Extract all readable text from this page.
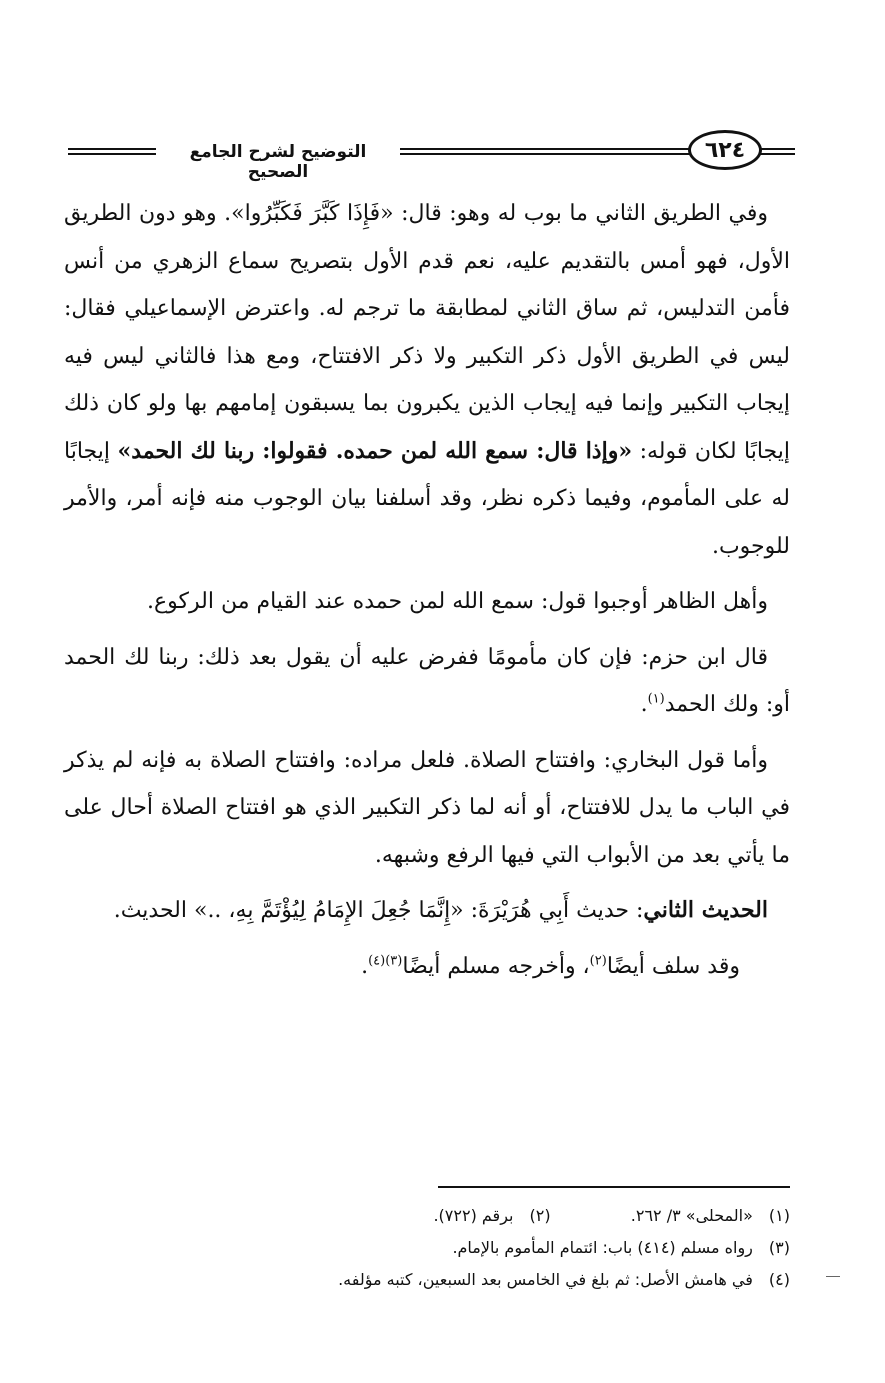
التوضيح لشرح الجامع الصحيح
٦٢٤

وفي الطريق الثاني ما بوب له وهو: قال: «فَإِذَا كَبَّرَ فَكَبِّرُوا». وهو دون الطريق الأول، فهو أمس بالتقديم عليه، نعم قدم الأول بتصريح سماع الزهري من أنس فأمن التدليس، ثم ساق الثاني لمطابقة ما ترجم له. واعترض الإسماعيلي فقال: ليس في الطريق الأول ذكر التكبير ولا ذكر الافتتاح، ومع هذا فالثاني ليس فيه إيجاب التكبير وإنما فيه إيجاب الذين يكبرون بما يسبقون إمامهم بها ولو كان ذلك إيجابًا لكان قوله: «وإذا قال: سمع الله لمن حمده. فقولوا: ربنا لك الحمد» إيجابًا له على المأموم، وفيما ذكره نظر، وقد أسلفنا بيان الوجوب منه فإنه أمر، والأمر للوجوب.

وأهل الظاهر أوجبوا قول: سمع الله لمن حمده عند القيام من الركوع.

قال ابن حزم: فإن كان مأمومًا ففرض عليه أن يقول بعد ذلك: ربنا لك الحمد أو: ولك الحمد$^{(١)}$.

وأما قول البخاري: وافتتاح الصلاة. فلعل مراده: وافتتاح الصلاة به فإنه لم يذكر في الباب ما يدل للافتتاح، أو أنه لما ذكر التكبير الذي هو افتتاح الصلاة أحال على ما يأتي بعد من الأبواب التي فيها الرفع وشبهه.

الحديث الثاني: حديث أَبِي هُرَيْرَةَ: «إِنَّمَا جُعِلَ الإِمَامُ لِيُؤْتَمَّ بِهِ، ..» الحديث.

وقد سلف أيضًا$^{(٢)}$، وأخرجه مسلم أيضًا$^{(٣)(٤)}$.

(١) «المحلى» ٣/ ٢٦٢.  (٢) برقم (٧٢٢).
(٣) رواه مسلم (٤١٤) باب: ائتمام المأموم بالإمام.
(٤) في هامش الأصل: ثم بلغ في الخامس بعد السبعين، كتبه مؤلفه.
